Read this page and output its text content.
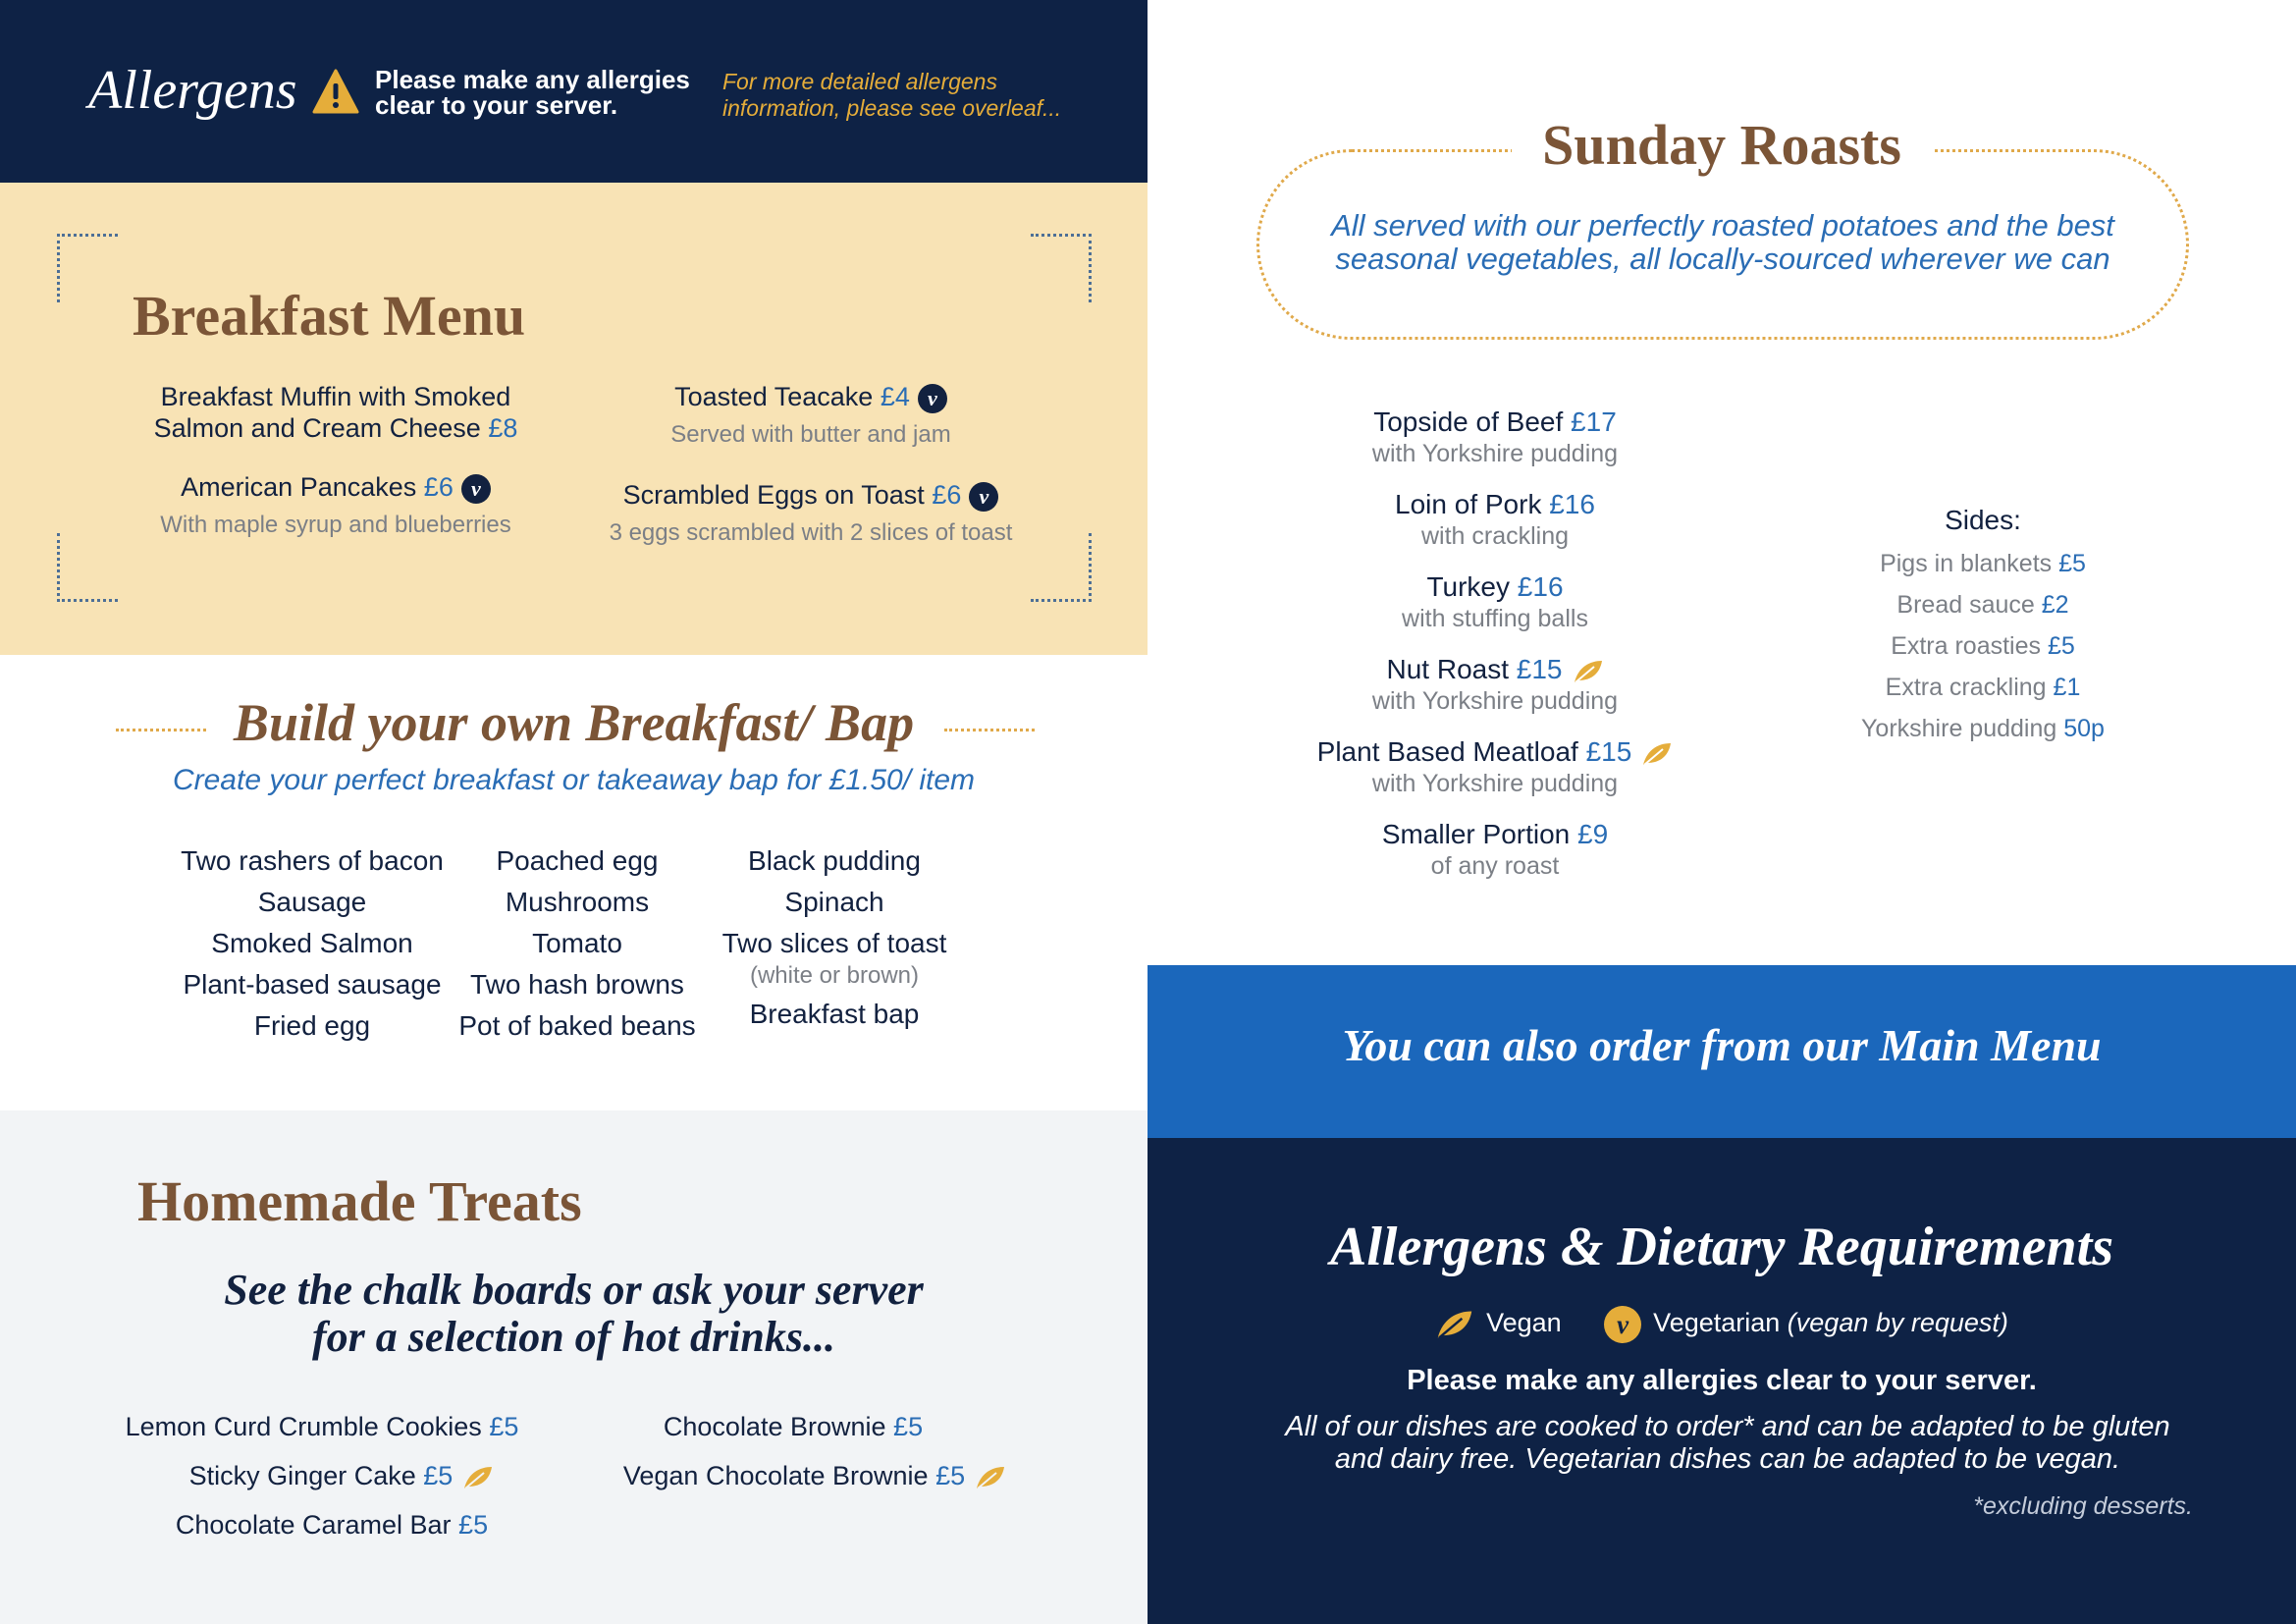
Allergens	Please make any allergies clear to your server.
For more detailed allergens information, please see overleaf...
Breakfast Menu
Breakfast Muffin with Smoked Salmon and Cream Cheese £8
American Pancakes £6 v
With maple syrup and blueberries
Toasted Teacake £4 v
Served with butter and jam
Scrambled Eggs on Toast £6 v
3 eggs scrambled with 2 slices of toast
Build your own Breakfast/ Bap
Create your perfect breakfast or takeaway bap for £1.50/ item
Two rashers of bacon
Sausage
Smoked Salmon
Plant-based sausage
Fried egg
Poached egg
Mushrooms
Tomato
Two hash browns
Pot of baked beans
Black pudding
Spinach
Two slices of toast
(white or brown)
Breakfast bap
Homemade Treats
See the chalk boards or ask your server
for a selection of hot drinks...
Lemon Curd Crumble Cookies £5	Chocolate Brownie £5
Sticky Ginger Cake £5	Vegan Chocolate Brownie £5
Chocolate Caramel Bar £5
Sunday Roasts
All served with our perfectly roasted potatoes and the best
seasonal vegetables, all locally-sourced wherever we can
Topside of Beef £17
with Yorkshire pudding
Loin of Pork £16
with crackling
Turkey £16
with stuffing balls
Nut Roast £15
with Yorkshire pudding
Plant Based Meatloaf £15
with Yorkshire pudding
Smaller Portion £9
of any roast
Sides:
Pigs in blankets £5
Bread sauce £2
Extra roasties £5
Extra crackling £1
Yorkshire pudding 50p
You can also order from our Main Menu
Allergens & Dietary Requirements
Vegan v Vegetarian (vegan by request)
Please make any allergies clear to your server.
All of our dishes are cooked to order* and can be adapted to be gluten
and dairy free. Vegetarian dishes can be adapted to be vegan.
*excluding desserts.
